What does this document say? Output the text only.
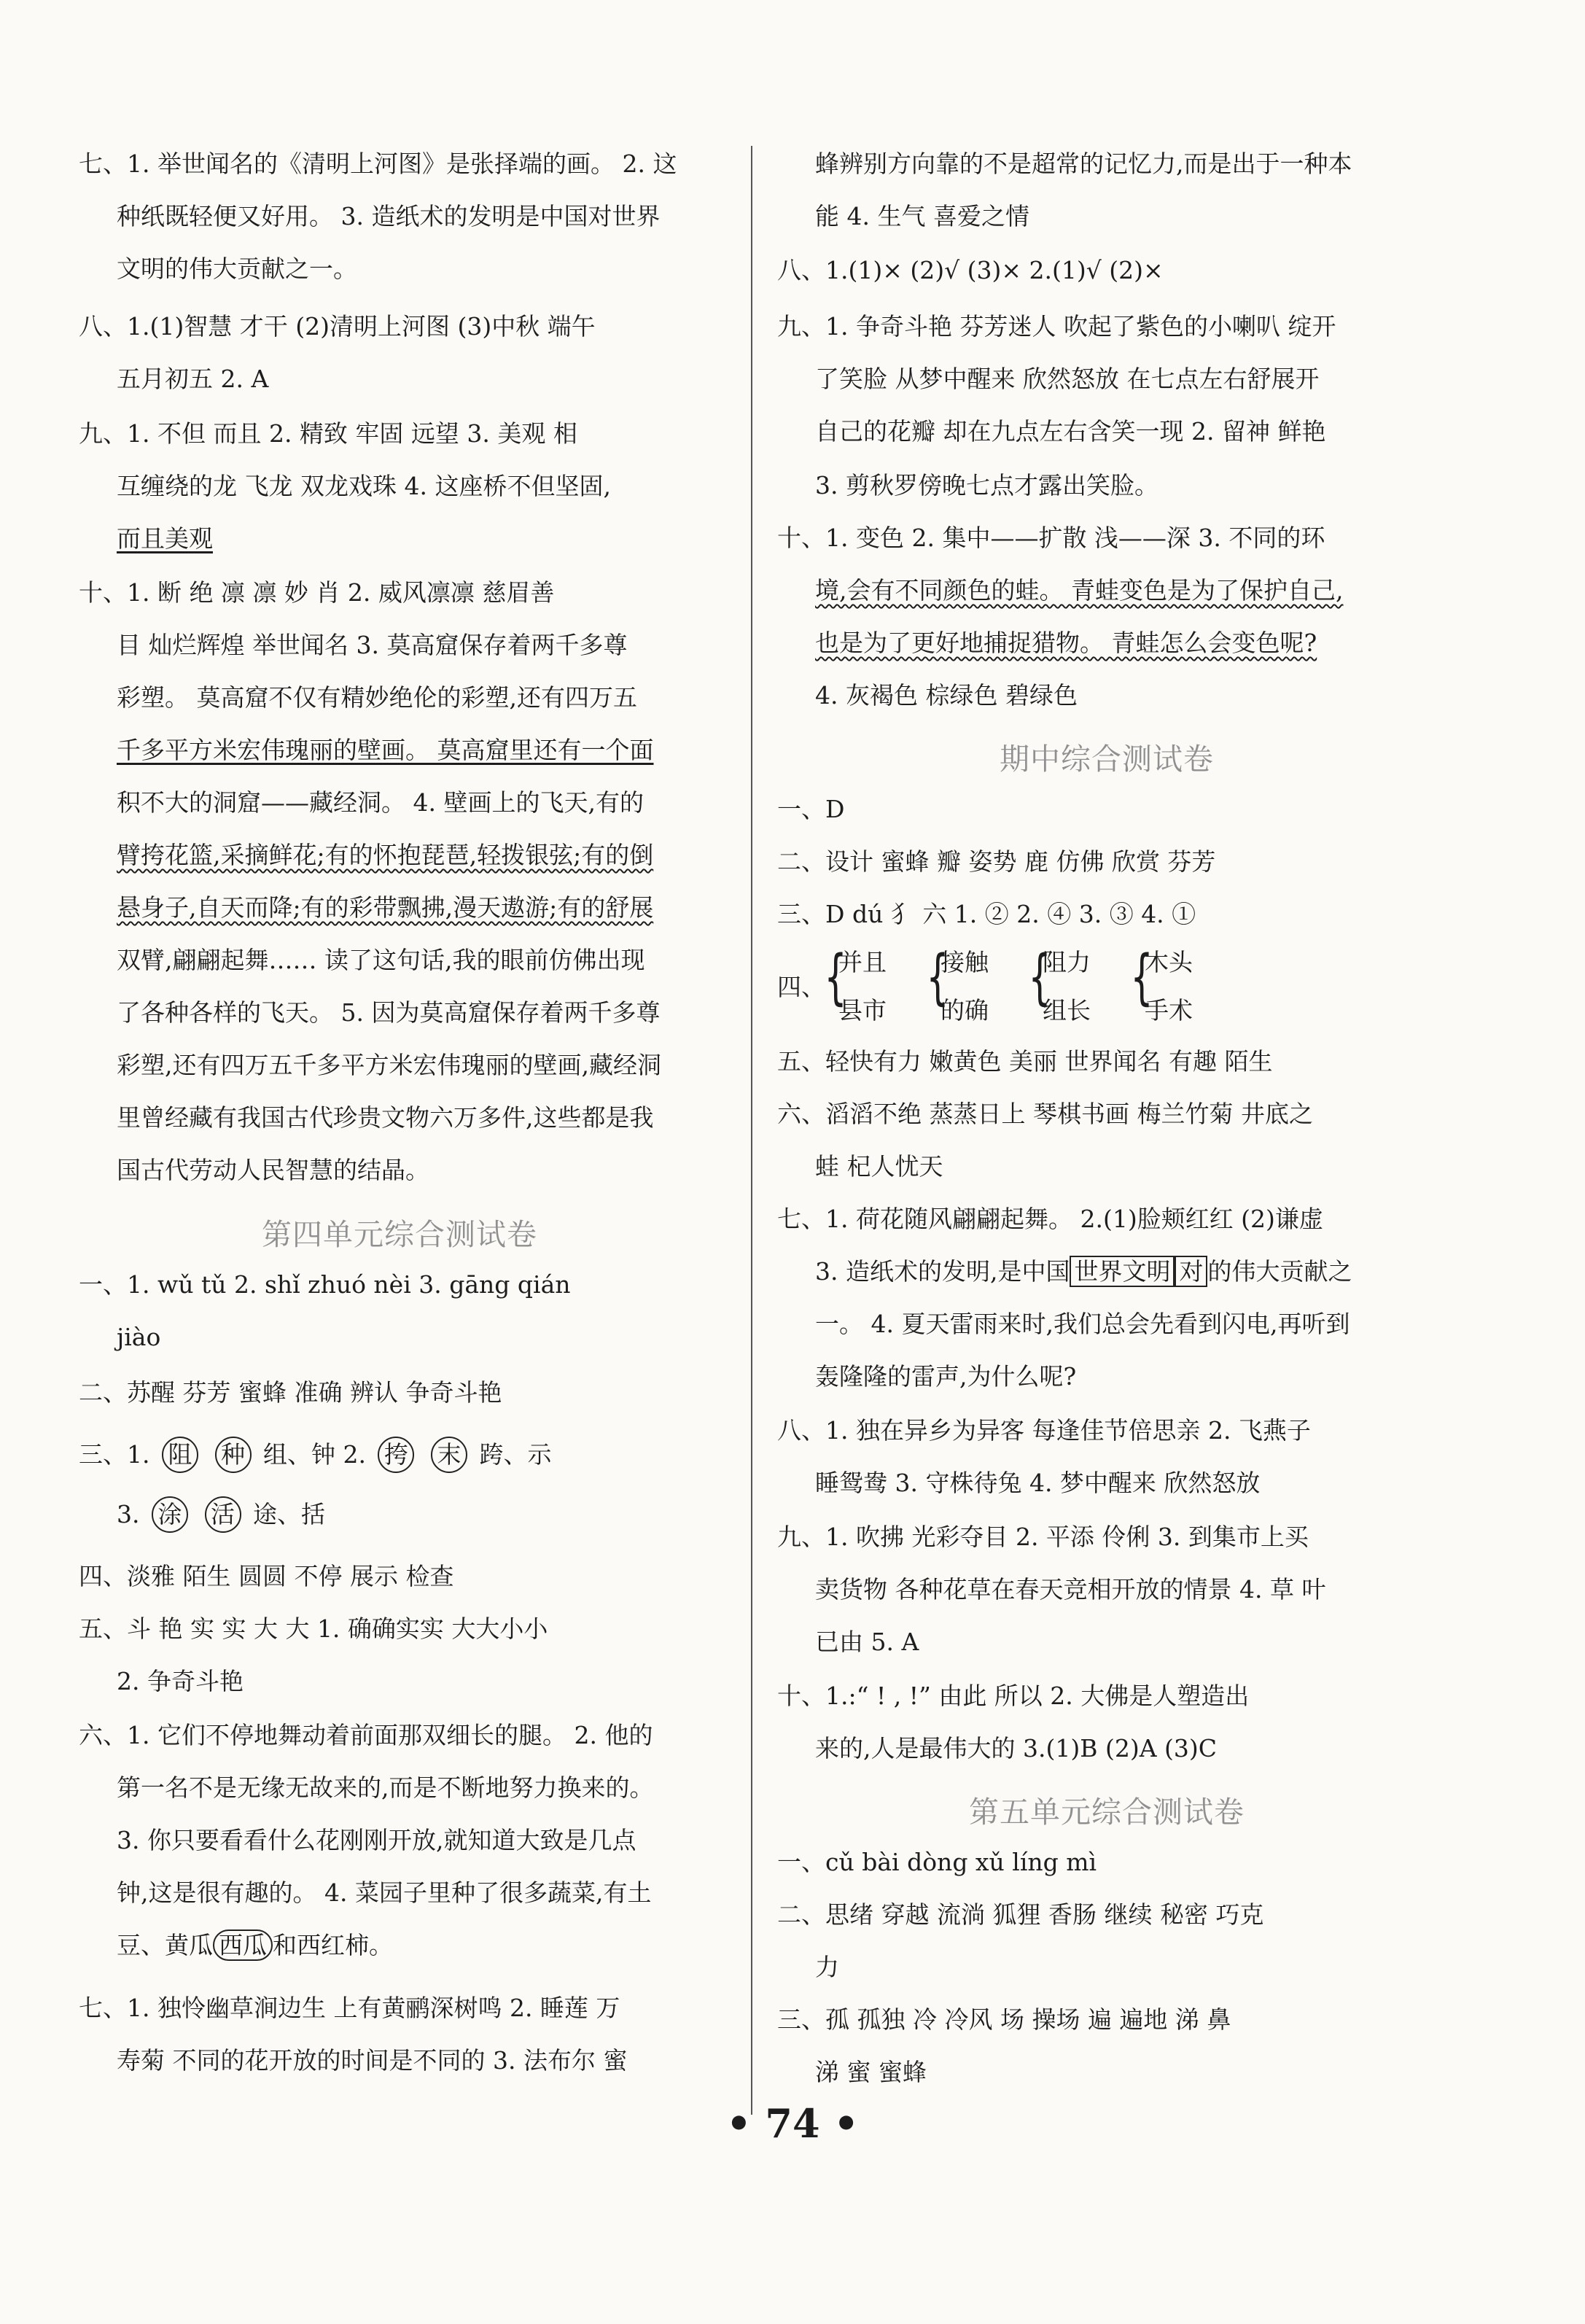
七、1. 举世闻名的《清明上河图》是张择端的画。 2. 这
种纸既轻便又好用。 3. 造纸术的发明是中国对世界
文明的伟大贡献之一。
八、1.(1)智慧 才干 (2)清明上河图 (3)中秋 端午
五月初五 2. A
九、1. 不但 而且 2. 精致 牢固 远望 3. 美观 相
互缠绕的龙 飞龙 双龙戏珠 4. 这座桥不但坚固,
而且美观
十、1. 断 绝 凛 凛 妙 肖 2. 威风凛凛 慈眉善
目 灿烂辉煌 举世闻名 3. 莫高窟保存着两千多尊
彩塑。 莫高窟不仅有精妙绝伦的彩塑,还有四万五
千多平方米宏伟瑰丽的壁画。 莫高窟里还有一个面
积不大的洞窟——藏经洞。 4. 壁画上的飞天,有的
臂挎花篮,采摘鲜花;有的怀抱琵琶,轻拨银弦;有的倒
悬身子,自天而降;有的彩带飘拂,漫天遨游;有的舒展
双臂,翩翩起舞…… 读了这句话,我的眼前仿佛出现
了各种各样的飞天。 5. 因为莫高窟保存着两千多尊
彩塑,还有四万五千多平方米宏伟瑰丽的壁画,藏经洞
里曾经藏有我国古代珍贵文物六万多件,这些都是我
国古代劳动人民智慧的结晶。
第四单元综合测试卷
一、1. wǔ tǔ 2. shǐ zhuó nèi 3. gāng qián
jiào
二、苏醒 芬芳 蜜蜂 准确 辨认 争奇斗艳
三、1. 阻 种 组、钟 2. 挎 末 跨、示
3. 涂 活 途、括
四、淡雅 陌生 圆圆 不停 展示 检查
五、斗 艳 实 实 大 大 1. 确确实实 大大小小
2. 争奇斗艳
六、1. 它们不停地舞动着前面那双细长的腿。 2. 他的
第一名不是无缘无故来的,而是不断地努力换来的。
3. 你只要看看什么花刚刚开放,就知道大致是几点
钟,这是很有趣的。 4. 菜园子里种了很多蔬菜,有土
豆、黄瓜 西瓜 和西红柿。
七、1. 独怜幽草涧边生 上有黄鹂深树鸣 2. 睡莲 万
寿菊 不同的花开放的时间是不同的 3. 法布尔 蜜
蜂辨别方向靠的不是超常的记忆力,而是出于一种本
能 4. 生气 喜爱之情
八、1.(1)× (2)√ (3)× 2.(1)√ (2)×
九、1. 争奇斗艳 芬芳迷人 吹起了紫色的小喇叭 绽开
了笑脸 从梦中醒来 欣然怒放 在七点左右舒展开
自己的花瓣 却在九点左右含笑一现 2. 留神 鲜艳
3. 剪秋罗傍晚七点才露出笑脸。
十、1. 变色 2. 集中——扩散 浅——深 3. 不同的环
境,会有不同颜色的蛙。 青蛙变色是为了保护自己,
也是为了更好地捕捉猎物。 青蛙怎么会变色呢?
4. 灰褐色 棕绿色 碧绿色
期中综合测试卷
一、D
二、设计 蜜蜂 瓣 姿势 鹿 仿佛 欣赏 芬芳
三、D dú 犭 六 1. ② 2. ④ 3. ③ 4. ①
四、
{
并且
县市 {
接触
的确 {
阻力
组长 {
木头
手术
五、轻快有力 嫩黄色 美丽 世界闻名 有趣 陌生
六、滔滔不绝 蒸蒸日上 琴棋书画 梅兰竹菊 井底之
蛙 杞人忧天
七、1. 荷花随风翩翩起舞。 2.(1)脸颊红红 (2)谦虚
3. 造纸术的发明,是中国 世界文明 对 的伟大贡献之
一。 4. 夏天雷雨来时,我们总会先看到闪电,再听到
轰隆隆的雷声,为什么呢?
八、1. 独在异乡为异客 每逢佳节倍思亲 2. 飞燕子
睡鸳鸯 3. 守株待兔 4. 梦中醒来 欣然怒放
九、1. 吹拂 光彩夺目 2. 平添 伶俐 3. 到集市上买
卖货物 各种花草在春天竞相开放的情景 4. 草 叶
已由 5. A
十、1.:“ ! , !” 由此 所以 2. 大佛是人塑造出
来的,人是最伟大的 3.(1)B (2)A (3)C
第五单元综合测试卷
一、cǔ bài dòng xǔ líng mì
二、思绪 穿越 流淌 狐狸 香肠 继续 秘密 巧克
力
三、孤 孤独 冷 冷风 场 操场 遍 遍地 涕 鼻
涕 蜜 蜜蜂
• 74 •
